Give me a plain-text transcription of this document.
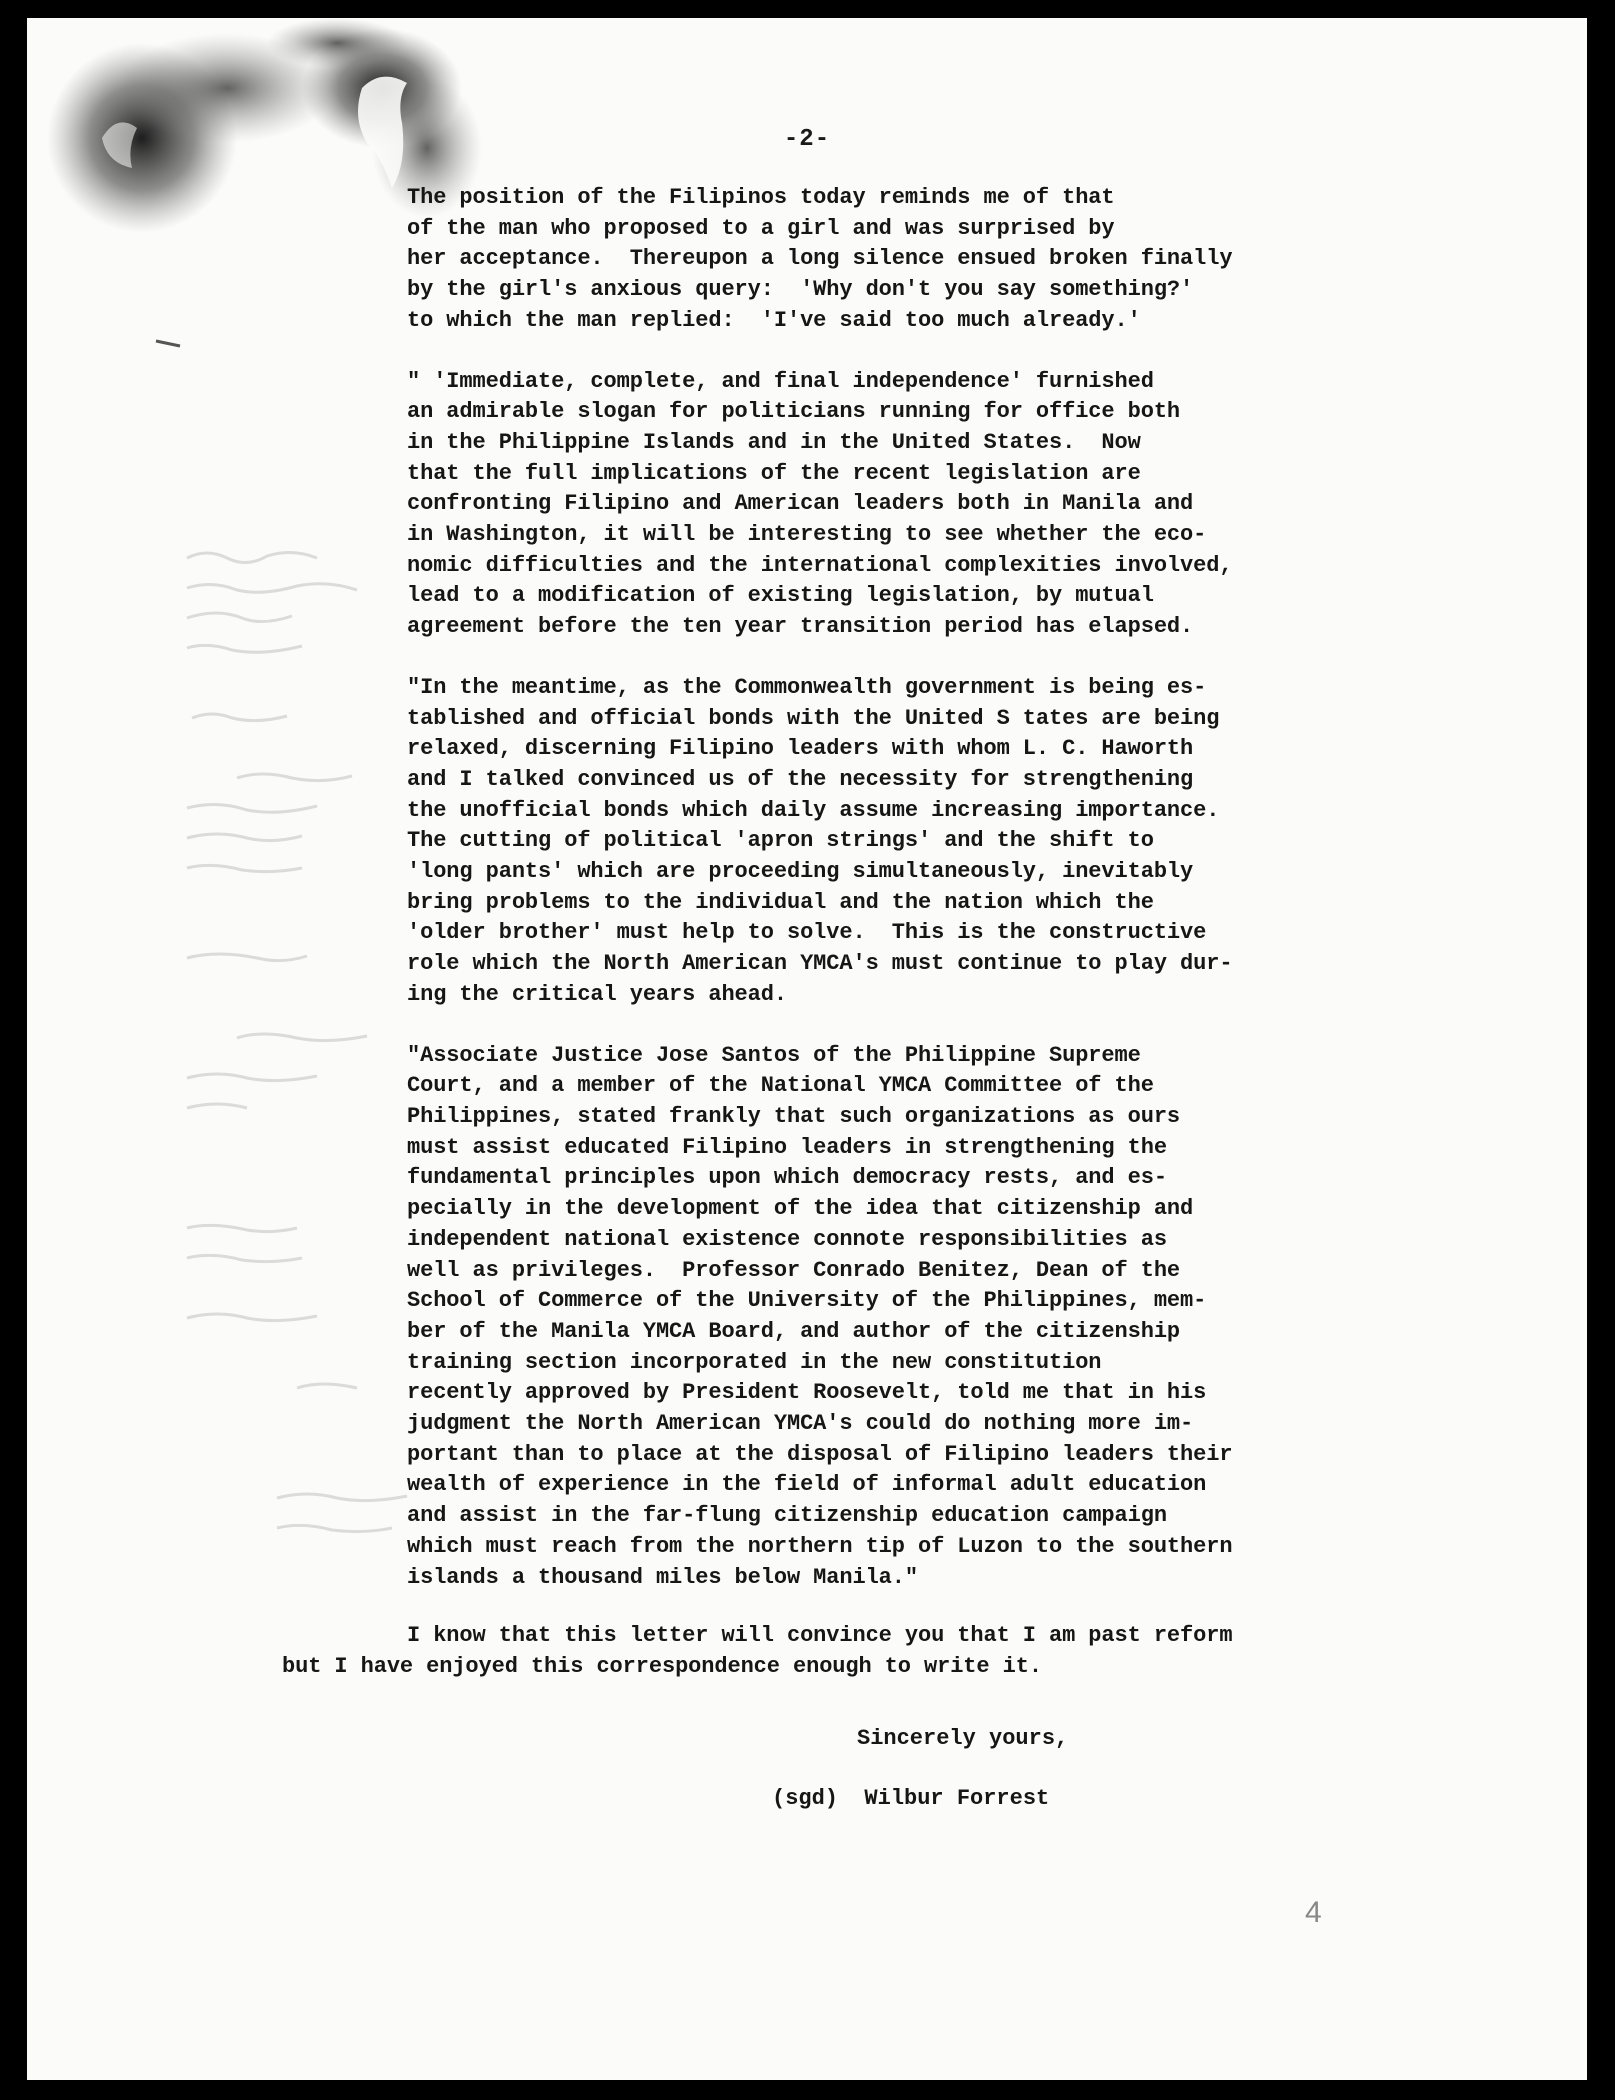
-2-
The position of the Filipinos today reminds me of that
of the man who proposed to a girl and was surprised by
her acceptance.  Thereupon a long silence ensued broken finally
by the girl's anxious query:  'Why don't you say something?'
to which the man replied:  'I've said too much already.'
" 'Immediate, complete, and final independence' furnished
an admirable slogan for politicians running for office both
in the Philippine Islands and in the United States.  Now
that the full implications of the recent legislation are
confronting Filipino and American leaders both in Manila and
in Washington, it will be interesting to see whether the eco-
nomic difficulties and the international complexities involved,
lead to a modification of existing legislation, by mutual
agreement before the ten year transition period has elapsed.
"In the meantime, as the Commonwealth government is being es-
tablished and official bonds with the United S tates are being
relaxed, discerning Filipino leaders with whom L. C. Haworth
and I talked convinced us of the necessity for strengthening
the unofficial bonds which daily assume increasing importance.
The cutting of political 'apron strings' and the shift to
'long pants' which are proceeding simultaneously, inevitably
bring problems to the individual and the nation which the
'older brother' must help to solve.  This is the constructive
role which the North American YMCA's must continue to play dur-
ing the critical years ahead.
"Associate Justice Jose Santos of the Philippine Supreme
Court, and a member of the National YMCA Committee of the
Philippines, stated frankly that such organizations as ours
must assist educated Filipino leaders in strengthening the
fundamental principles upon which democracy rests, and es-
pecially in the development of the idea that citizenship and
independent national existence connote responsibilities as
well as privileges.  Professor Conrado Benitez, Dean of the
School of Commerce of the University of the Philippines, mem-
ber of the Manila YMCA Board, and author of the citizenship
training section incorporated in the new constitution
recently approved by President Roosevelt, told me that in his
judgment the North American YMCA's could do nothing more im-
portant than to place at the disposal of Filipino leaders their
wealth of experience in the field of informal adult education
and assist in the far-flung citizenship education campaign
which must reach from the northern tip of Luzon to the southern
islands a thousand miles below Manila."
I know that this letter will convince you that I am past reform
but I have enjoyed this correspondence enough to write it.
Sincerely yours,
(sgd)  Wilbur Forrest
4
